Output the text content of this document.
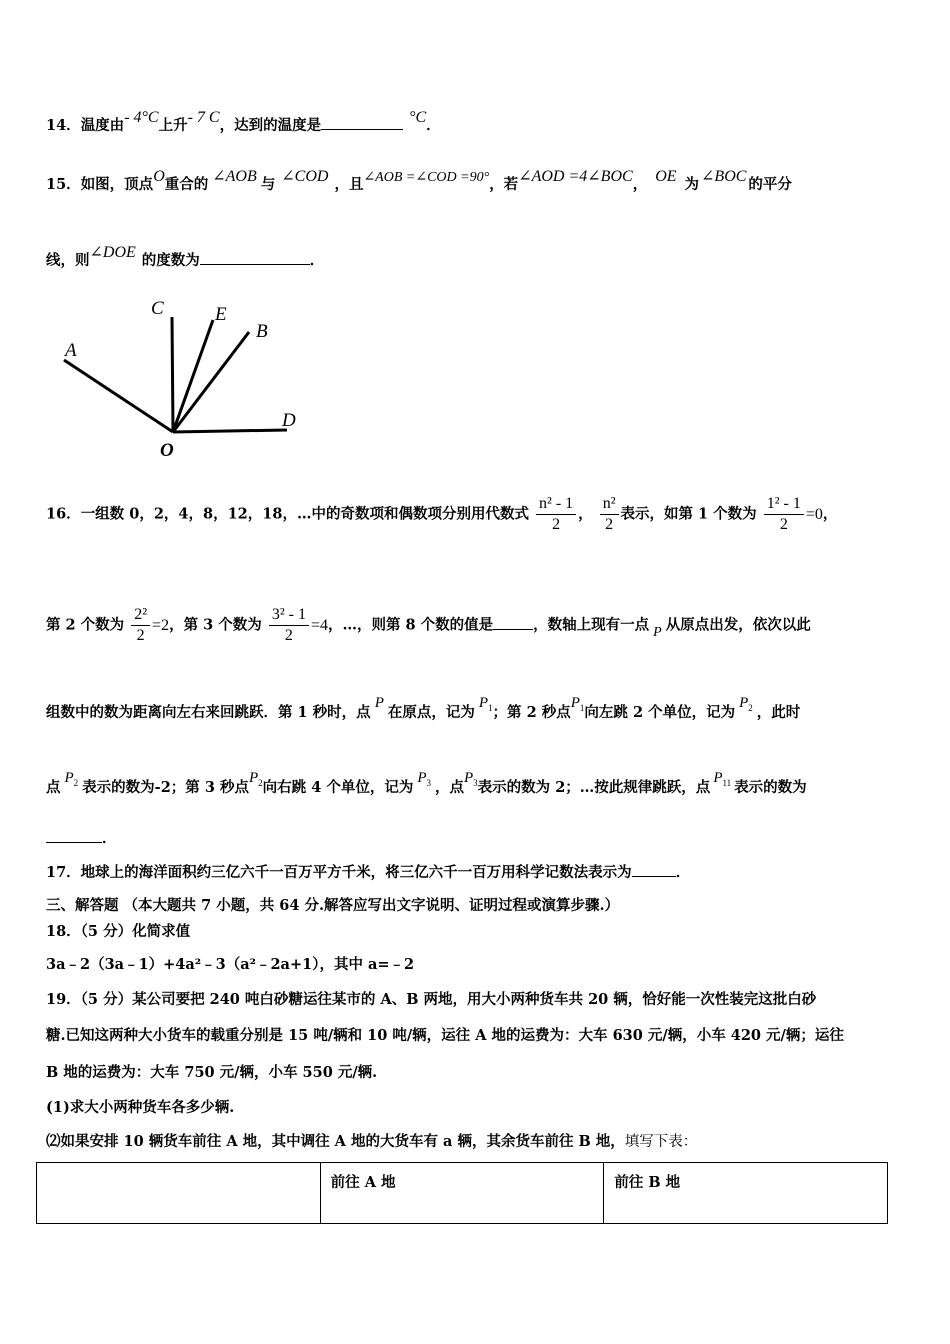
14．温度由- 4°C上升- 7 C，达到的温度是	°C．
15．如图，顶点O重合的 ∠AOB 与 ∠COD ，且∠AOB =∠COD =90°，若∠AOD =4∠BOC， OE 为 ∠BOC 的平分
线，则∠DOE 的度数为	．
A
C	E
B
D
O
16．一组数 0，2，4，8，12，18，…中的奇数项和偶数项分别用代数式 $\frac{\text{n² - 1}}{2}$ ， $\frac{\text{n²}}{2}$ 表示，如第 1 个数为 $\frac{\text{1² - 1}}{2} =0$，
第 2 个数为 $\frac{\text{2²}}{2} =2$，第 3 个数为 $\frac{\text{3² - 1}}{2} =4$，…，则第 8 个数的值是	，数轴上现有一点 P 从原点出发，依次以此
组数中的数为距离向左右来回跳跃．第 1 秒时，点P在原点，记为$P_1$；第 2 秒点$P_1$向左跳 2 个单位，记为$P_2$ ，此时
点$P_2$ 表示的数为-2；第 3 秒点$P_2$向右跳 4 个单位，记为$P_3$ ，点$P_3$表示的数为 2；…按此规律跳跃，点$P_{11}$ 表示的数为
．
17．地球上的海洋面积约三亿六千一百万平方千米，将三亿六千一百万用科学记数法表示为	．
三、解答题 （本大题共 7 小题，共 64 分.解答应写出文字说明、证明过程或演算步骤.）
18．（5 分）化简求值
3a﹣2（3a﹣1）+4a²﹣3（a²﹣2a+1），其中 a=﹣2
19．（5 分）某公司要把 240 吨白砂糖运往某市的 A、B 两地，用大小两种货车共 20 辆，恰好能一次性装完这批白砂
糖.已知这两种大小货车的载重分别是 15 吨/辆和 10 吨/辆，运往 A 地的运费为：大车 630 元/辆，小车 420 元/辆；运往
B 地的运费为：大车 750 元/辆，小车 550 元/辆.
(1)求大小两种货车各多少辆.
⑵如果安排 10 辆货车前往 A 地，其中调往 A 地的大货车有 a 辆，其余货车前往 B 地，填写下表：
	前往 A 地	前往 B 地
